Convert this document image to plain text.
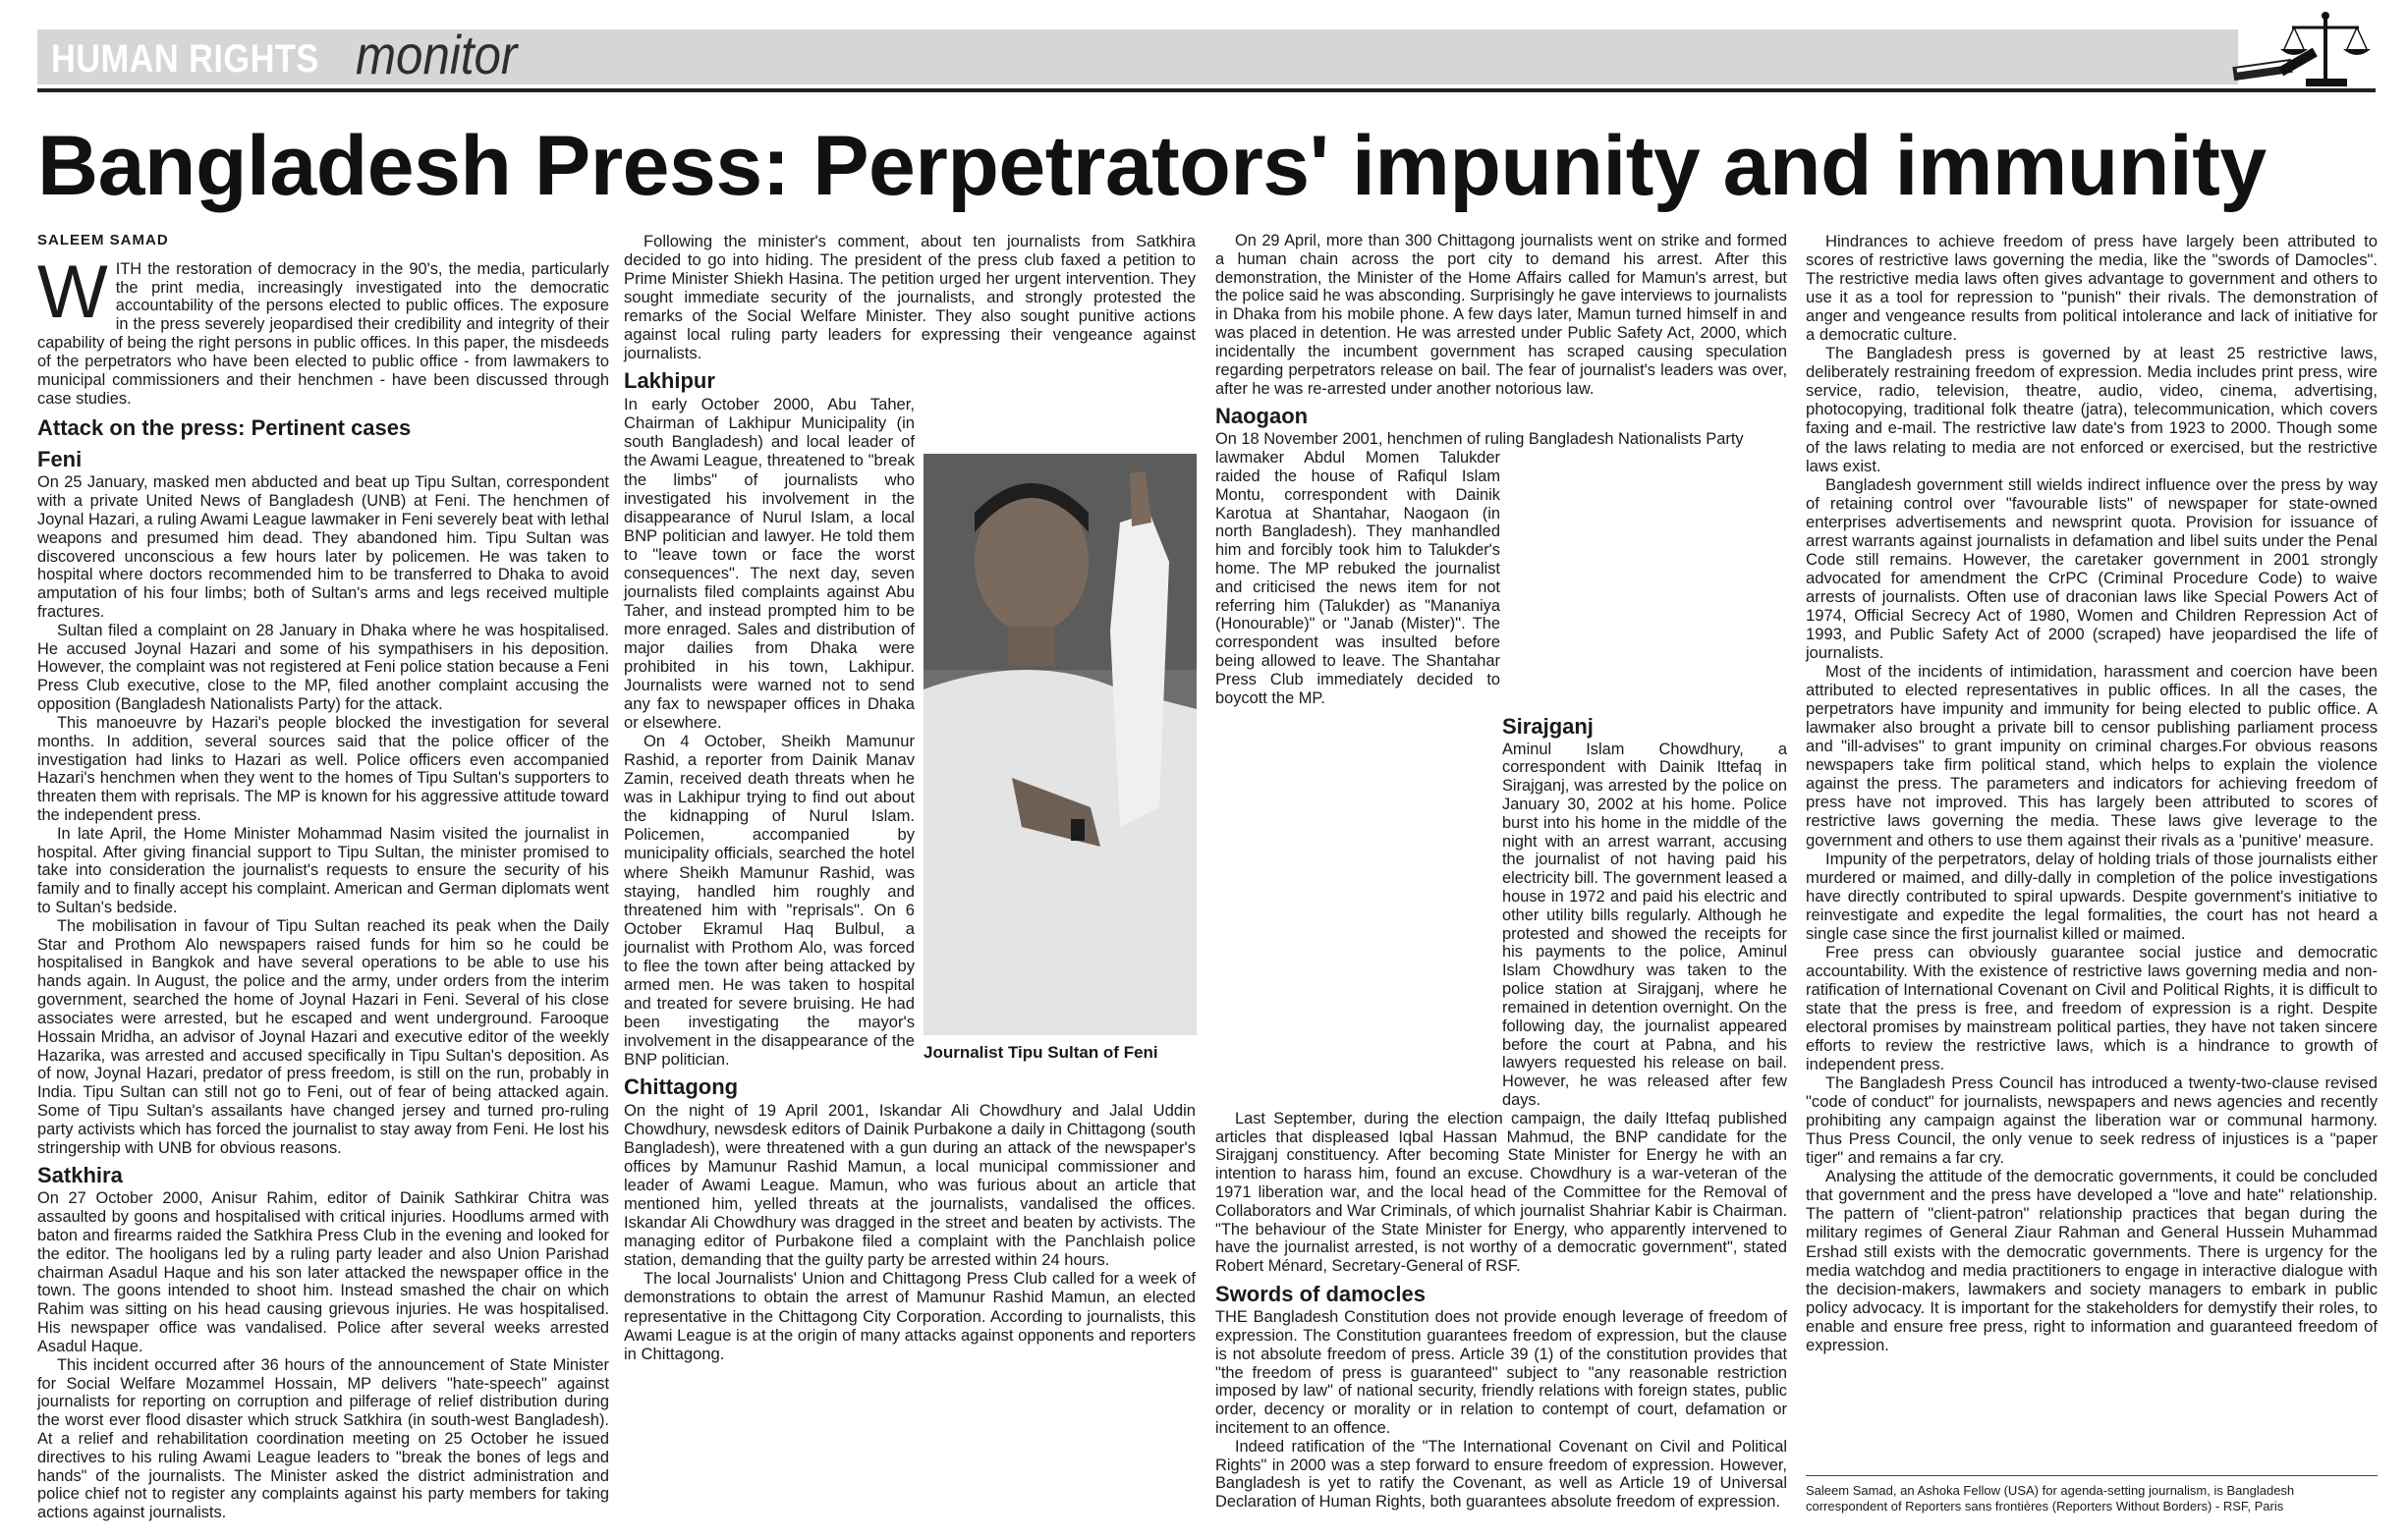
HUMAN RIGHTS monitor
Bangladesh Press: Perpetrators' impunity and immunity
SALEEM SAMAD

WITH the restoration of democracy in the 90's, the media, particularly the print media, increasingly investigated into the democratic accountability of the persons elected to public offices. The exposure in the press severely jeopardised their credibility and integrity of their capability of being the right persons in public offices. In this paper, the misdeeds of the perpetrators who have been elected to public office - from lawmakers to municipal commissioners and their henchmen - have been discussed through case studies.

Attack on the press: Pertinent cases
Feni

On 25 January, masked men abducted and beat up Tipu Sultan, correspondent with a private United News of Bangladesh (UNB) at Feni. The henchmen of Joynal Hazari, a ruling Awami League lawmaker in Feni severely beat with lethal weapons and presumed him dead. They abandoned him. Tipu Sultan was discovered unconscious a few hours later by policemen. He was taken to hospital where doctors recommended him to be transferred to Dhaka to avoid amputation of his four limbs; both of Sultan's arms and legs received multiple fractures.

Sultan filed a complaint on 28 January in Dhaka where he was hospitalised. He accused Joynal Hazari and some of his sympathisers in his deposition. However, the complaint was not registered at Feni police station because a Feni Press Club executive, close to the MP, filed another complaint accusing the opposition (Bangladesh Nationalists Party) for the attack.

This manoeuvre by Hazari's people blocked the investigation for several months. In addition, several sources said that the police officer of the investigation had links to Hazari as well. Police officers even accompanied Hazari's henchmen when they went to the homes of Tipu Sultan's supporters to threaten them with reprisals. The MP is known for his aggressive attitude toward the independent press.

In late April, the Home Minister Mohammad Nasim visited the journalist in hospital. After giving financial support to Tipu Sultan, the minister promised to take into consideration the journalist's requests to ensure the security of his family and to finally accept his complaint. American and German diplomats went to Sultan's bedside.

The mobilisation in favour of Tipu Sultan reached its peak when the Daily Star and Prothom Alo newspapers raised funds for him so he could be hospitalised in Bangkok and have several operations to be able to use his hands again. In August, the police and the army, under orders from the interim government, searched the home of Joynal Hazari in Feni. Several of his close associates were arrested, but he escaped and went underground. Farooque Hossain Mridha, an advisor of Joynal Hazari and executive editor of the weekly Hazarika, was arrested and accused specifically in Tipu Sultan's deposition. As of now, Joynal Hazari, predator of press freedom, is still on the run, probably in India. Tipu Sultan can still not go to Feni, out of fear of being attacked again. Some of Tipu Sultan's assailants have changed jersey and turned pro-ruling party activists which has forced the journalist to stay away from Feni. He lost his stringership with UNB for obvious reasons.

Satkhira

On 27 October 2000, Anisur Rahim, editor of Dainik Sathkirar Chitra was assaulted by goons and hospitalised with critical injuries. Hoodlums armed with baton and firearms raided the Satkhira Press Club in the evening and looked for the editor. The hooligans led by a ruling party leader and also Union Parishad chairman Asadul Haque and his son later attacked the newspaper office in the town. The goons intended to shoot him. Instead smashed the chair on which Rahim was sitting on his head causing grievous injuries. He was hospitalised. His newspaper office was vandalised. Police after several weeks arrested Asadul Haque.

This incident occurred after 36 hours of the announcement of State Minister for Social Welfare Mozammel Hossain, MP delivers "hate-speech" against journalists for reporting on corruption and pilferage of relief distribution during the worst ever flood disaster which struck Satkhira (in south-west Bangladesh). At a relief and rehabilitation coordination meeting on 25 October he issued directives to his ruling Awami League leaders to "break the bones of legs and hands" of the journalists. The Minister asked the district administration and police chief not to register any complaints against his party members for taking actions against journalists.

Following the minister's comment, about ten journalists from Satkhira decided to go into hiding. The president of the press club faxed a petition to Prime Minister Shiekh Hasina. The petition urged her urgent intervention. They sought immediate security of the journalists, and strongly protested the remarks of the Social Welfare Minister. They also sought punitive actions against local ruling party leaders for expressing their vengeance against journalists.

Lakhipur

In early October 2000, Abu Taher, Chairman of Lakhipur Municipality (in south Bangladesh) and local leader of the Awami League, threatened to "break the limbs" of journalists who investigated his involvement in the disappearance of Nurul Islam, a local BNP politician and lawyer. He told them to "leave town or face the worst consequences". The next day, seven journalists filed complaints against Abu Taher, and instead prompted him to be more enraged. Sales and distribution of major dailies from Dhaka were prohibited in his town, Lakhipur. Journalists were warned not to send any fax to newspaper offices in Dhaka or elsewhere.

On 4 October, Sheikh Mamunur Rashid, a reporter from Dainik Manav Zamin, received death threats when he was in Lakhipur trying to find out about the kidnapping of Nurul Islam. Policemen, accompanied by municipality officials, searched the hotel where Sheikh Mamunur Rashid, was staying, handled him roughly and threatened him with "reprisals". On 6 October Ekramul Haq Bulbul, a journalist with Prothom Alo, was forced to flee the town after being attacked by armed men. He was taken to hospital and treated for severe bruising. He had been investigating the mayor's involvement in the disappearance of the BNP politician.

Chittagong

On the night of 19 April 2001, Iskandar Ali Chowdhury and Jalal Uddin Chowdhury, newsdesk editors of Dainik Purbakone a daily in Chittagong (south Bangladesh), were threatened with a gun during an attack of the newspaper's offices by Mamunur Rashid Mamun, a local municipal commissioner and leader of Awami League. Mamun, who was furious about an article that mentioned him, yelled threats at the journalists, vandalised the offices. Iskandar Ali Chowdhury was dragged in the street and beaten by activists. The managing editor of Purbakone filed a complaint with the Panchlaish police station, demanding that the guilty party be arrested within 24 hours.

The local Journalists' Union and Chittagong Press Club called for a week of demonstrations to obtain the arrest of Mamunur Rashid Mamun, an elected representative in the Chittagong City Corporation. According to journalists, this Awami League is at the origin of many attacks against opponents and reporters in Chittagong.

Journalist Tipu Sultan of Feni

On 29 April, more than 300 Chittagong journalists went on strike and formed a human chain across the port city to demand his arrest. After this demonstration, the Minister of the Home Affairs called for Mamun's arrest, but the police said he was absconding. Surprisingly he gave interviews to journalists in Dhaka from his mobile phone. A few days later, Mamun turned himself in and was placed in detention. He was arrested under Public Safety Act, 2000, which incidentally the incumbent government has scraped causing speculation regarding perpetrators release on bail. The fear of journalist's leaders was over, after he was re-arrested under another notorious law.

Naogaon

On 18 November 2001, henchmen of ruling Bangladesh Nationalists Party

lawmaker Abdul Momen Talukder raided the house of Rafiqul Islam Montu, correspondent with Dainik Karotua at Shantahar, Naogaon (in north Bangladesh). They manhandled him and forcibly took him to Talukder's home. The MP rebuked the journalist and criticised the news item for not referring him (Talukder) as "Mananiya (Honourable)" or "Janab (Mister)". The correspondent was insulted before being allowed to leave. The Shantahar Press Club immediately decided to boycott the MP.

Sirajganj

Aminul Islam Chowdhury, a correspondent with Dainik Ittefaq in Sirajganj, was arrested by the police on January 30, 2002 at his home. Police burst into his home in the middle of the night with an arrest warrant, accusing the journalist of not having paid his electricity bill. The government leased a house in 1972 and paid his electric and other utility bills regularly. Although he protested and showed the receipts for his payments to the police, Aminul Islam Chowdhury was taken to the police station at Sirajganj, where he remained in detention overnight. On the following day, the journalist appeared before the court at Pabna, and his lawyers requested his release on bail. However, he was released after few days.

Last September, during the election campaign, the daily Ittefaq published articles that displeased Iqbal Hassan Mahmud, the BNP candidate for the Sirajganj constituency. After becoming State Minister for Energy he with an intention to harass him, found an excuse. Chowdhury is a war-veteran of the 1971 liberation war, and the local head of the Committee for the Removal of Collaborators and War Criminals, of which journalist Shahriar Kabir is Chairman. "The behaviour of the State Minister for Energy, who apparently intervened to have the journalist arrested, is not worthy of a democratic government", stated Robert Ménard, Secretary-General of RSF.

Swords of damocles

THE Bangladesh Constitution does not provide enough leverage of freedom of expression. The Constitution guarantees freedom of expression, but the clause is not absolute freedom of press. Article 39 (1) of the constitution provides that "the freedom of press is guaranteed" subject to "any reasonable restriction imposed by law" of national security, friendly relations with foreign states, public order, decency or morality or in relation to contempt of court, defamation or incitement to an offence.

Indeed ratification of the "The International Covenant on Civil and Political Rights" in 2000 was a step forward to ensure freedom of expression. However, Bangladesh is yet to ratify the Covenant, as well as Article 19 of Universal Declaration of Human Rights, both guarantees absolute freedom of expression.

Hindrances to achieve freedom of press have largely been attributed to scores of restrictive laws governing the media, like the "swords of Damocles". The restrictive media laws often gives advantage to government and others to use it as a tool for repression to "punish" their rivals. The demonstration of anger and vengeance results from political intolerance and lack of initiative for a democratic culture.

The Bangladesh press is governed by at least 25 restrictive laws, deliberately restraining freedom of expression. Media includes print press, wire service, radio, television, theatre, audio, video, cinema, advertising, photocopying, traditional folk theatre (jatra), telecommunication, which covers faxing and e-mail. The restrictive law date's from 1923 to 2000. Though some of the laws relating to media are not enforced or exercised, but the restrictive laws exist.

Bangladesh government still wields indirect influence over the press by way of retaining control over "favourable lists" of newspaper for state-owned enterprises advertisements and newsprint quota. Provision for issuance of arrest warrants against journalists in defamation and libel suits under the Penal Code still remains. However, the caretaker government in 2001 strongly advocated for amendment the CrPC (Criminal Procedure Code) to waive arrests of journalists. Often use of draconian laws like Special Powers Act of 1974, Official Secrecy Act of 1980, Women and Children Repression Act of 1993, and Public Safety Act of 2000 (scraped) have jeopardised the life of journalists.

Most of the incidents of intimidation, harassment and coercion have been attributed to elected representatives in public offices. In all the cases, the perpetrators have impunity and immunity for being elected to public office. A lawmaker also brought a private bill to censor publishing parliament process and "ill-advises" to grant impunity on criminal charges.For obvious reasons newspapers take firm political stand, which helps to explain the violence against the press. The parameters and indicators for achieving freedom of press have not improved. This has largely been attributed to scores of restrictive laws governing the media. These laws give leverage to the government and others to use them against their rivals as a 'punitive' measure.

Impunity of the perpetrators, delay of holding trials of those journalists either murdered or maimed, and dilly-dally in completion of the police investigations have directly contributed to spiral upwards. Despite government's initiative to reinvestigate and expedite the legal formalities, the court has not heard a single case since the first journalist killed or maimed.

Free press can obviously guarantee social justice and democratic accountability. With the existence of restrictive laws governing media and non-ratification of International Covenant on Civil and Political Rights, it is difficult to state that the press is free, and freedom of expression is a right. Despite electoral promises by mainstream political parties, they have not taken sincere efforts to review the restrictive laws, which is a hindrance to growth of independent press.

The Bangladesh Press Council has introduced a twenty-two-clause revised "code of conduct" for journalists, newspapers and news agencies and recently prohibiting any campaign against the liberation war or communal harmony. Thus Press Council, the only venue to seek redress of injustices is a "paper tiger" and remains a far cry.

Analysing the attitude of the democratic governments, it could be concluded that government and the press have developed a "love and hate" relationship. The pattern of "client-patron" relationship practices that began during the military regimes of General Ziaur Rahman and General Hussein Muhammad Ershad still exists with the democratic governments. There is urgency for the media watchdog and media practitioners to engage in interactive dialogue with the decision-makers, lawmakers and society managers to embark in public policy advocacy. It is important for the stakeholders for demystify their roles, to enable and ensure free press, right to information and guaranteed freedom of expression.

Saleem Samad, an Ashoka Fellow (USA) for agenda-setting journalism, is Bangladesh correspondent of Reporters sans frontières (Reporters Without Borders) - RSF, Paris
